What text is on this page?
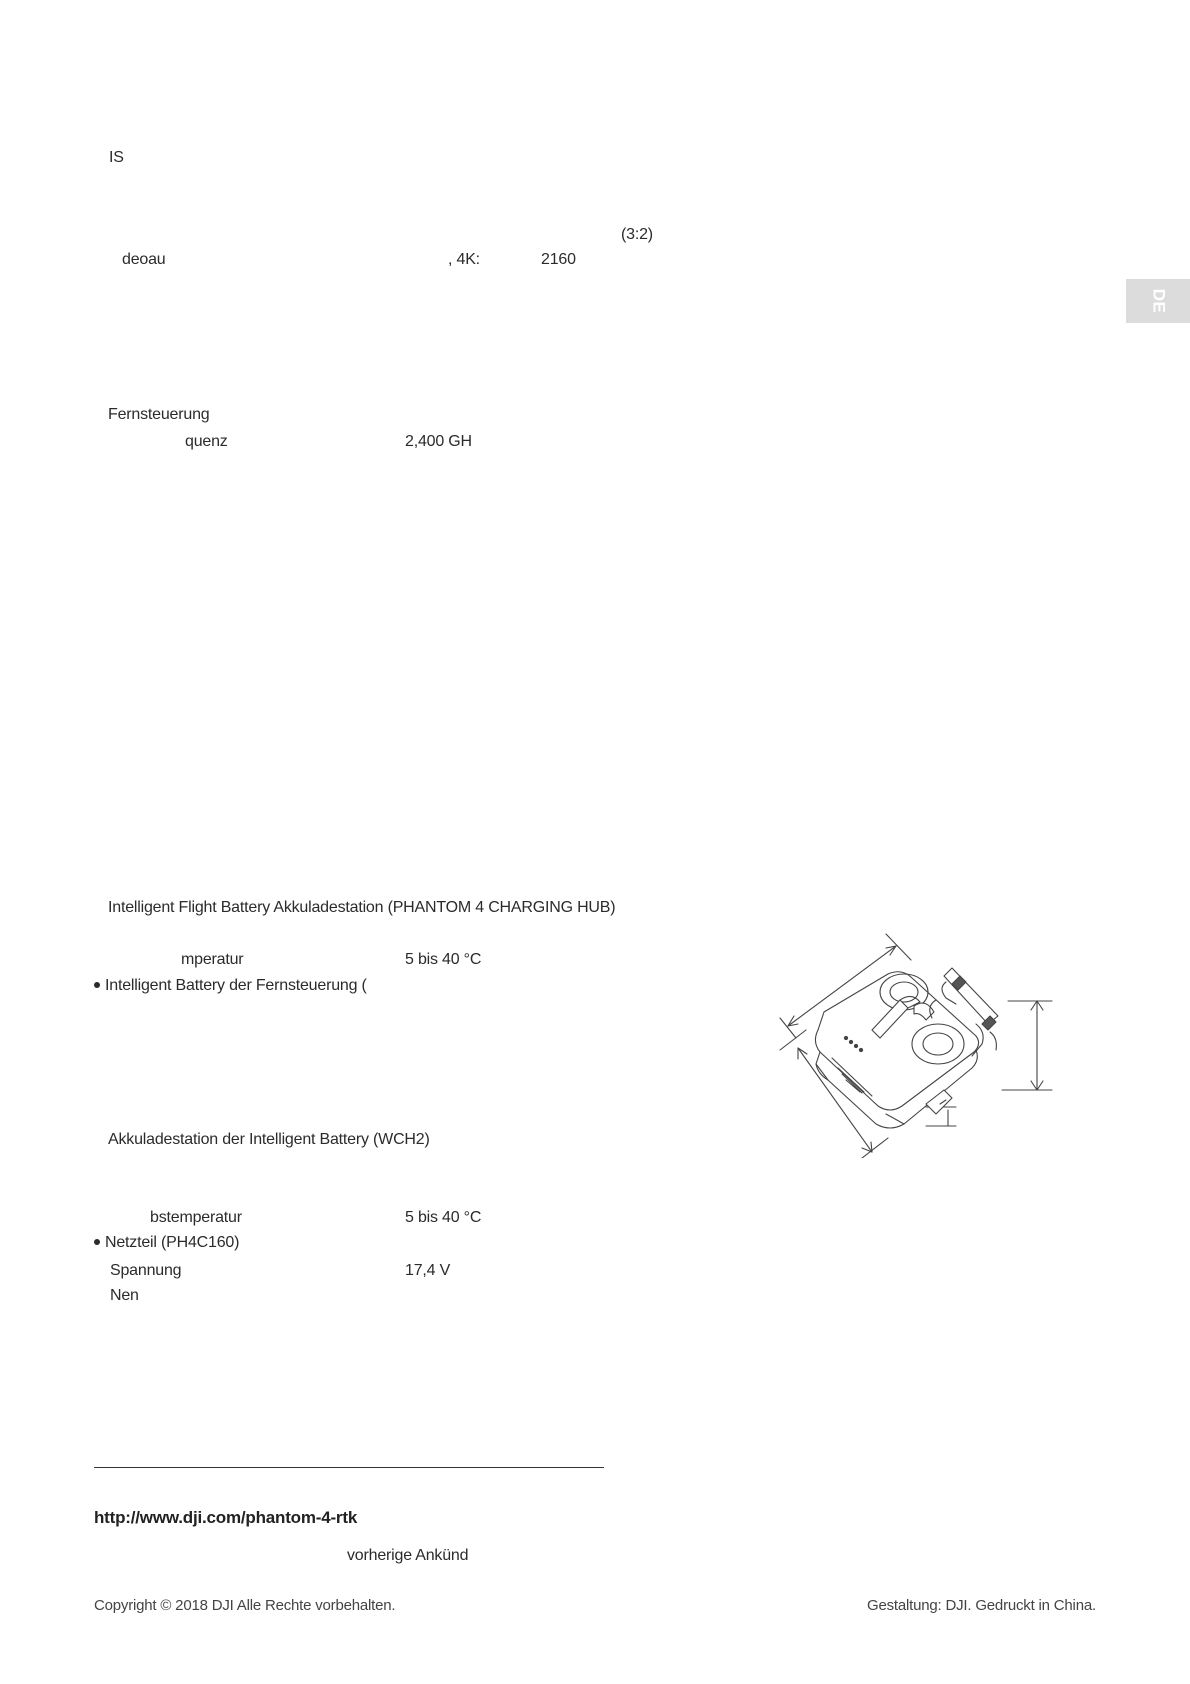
DE
IS
(3:2)
deoau	, 4K:	2160
Fernsteuerung
quenz	2,400 GH
Intelligent Flight Battery Akkuladestation (PHANTOM 4 CHARGING HUB)
mperatur	5 bis 40 °C
Intelligent Battery der Fernsteuerung (
Akkuladestation der Intelligent Battery (WCH2)
bstemperatur	5 bis 40 °C
Netzteil (PH4C160)
Spannung	17,4 V
Nen
http://www.dji.com/phantom-4-rtk
vorherige Ankünd
Copyright © 2018 DJI Alle Rechte vorbehalten.	Gestaltung: DJI. Gedruckt in China.
